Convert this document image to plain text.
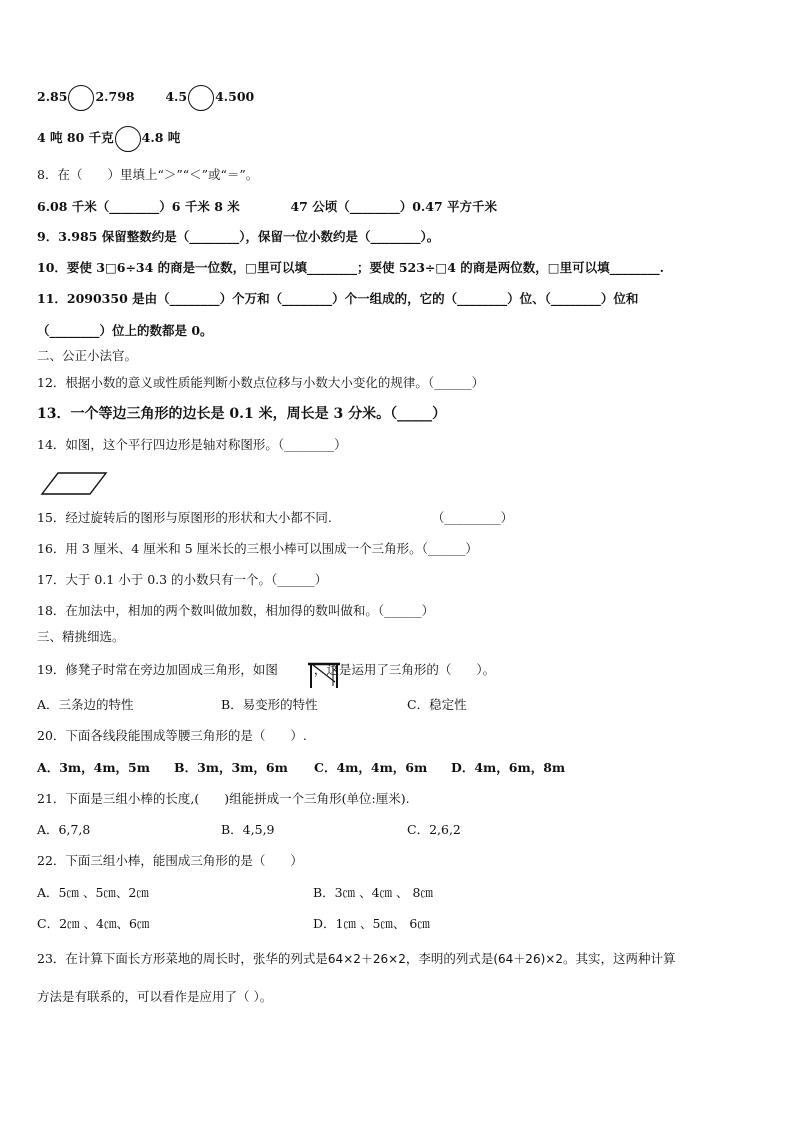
2.85 2.798 4.5 4.500
4 吨 80 千克 4.8 吨
8．在（　　）里填上“＞”“＜”或“＝”。
6.08 千米（________）6 千米 8 米	47 公顷（________）0.47 平方千米
9．3.985 保留整数约是（________），保留一位小数约是（________）。
10．要使 3□6÷34 的商是一位数，□里可以填________；要使 523÷□4 的商是两位数，□里可以填________.
11．2090350 是由（________）个万和（________）个一组成的，它的（________）位、（________）位和
（________）位上的数都是 0。
二、公正小法官。
12．根据小数的意义或性质能判断小数点位移与小数大小变化的规律。（______）
13．一个等边三角形的边长是 0.1 米，周长是 3 分米。（_____）
14．如图，这个平行四边形是轴对称图形。（________）
15．经过旋转后的图形与原图形的形状和大小都不同.	（_________）
16．用 3 厘米、4 厘米和 5 厘米长的三根小棒可以围成一个三角形。（______）
17．大于 0.1 小于 0.3 的小数只有一个。（______）
18．在加法中，相加的两个数叫做加数，相加得的数叫做和。（______）
三、精挑细选。
19．修凳子时常在旁边加固成三角形，如图	，这是运用了三角形的（　　）。
A．三条边的特性	B．易变形的特性	C．稳定性
20．下面各线段能围成等腰三角形的是（　　）.
A．3m，4m，5m B．3m，3m，6m C．4m，4m，6m D．4m，6m，8m
21．下面是三组小棒的长度,(　　)组能拼成一个三角形(单位:厘米).
A．6,7,8	B．4,5,9	C．2,6,2
22．下面三组小棒，能围成三角形的是（　　）
A．5㎝ 、5㎝、2㎝	B．3㎝ 、4㎝ 、 8㎝
C．2㎝ 、4㎝、6㎝	D．1㎝ 、5㎝、 6㎝
23．在计算下面长方形菜地的周长时，张华的列式是64×2＋26×2，李明的列式是(64＋26)×2。其实，这两种计算
方法是有联系的，可以看作是应用了（ ）。
